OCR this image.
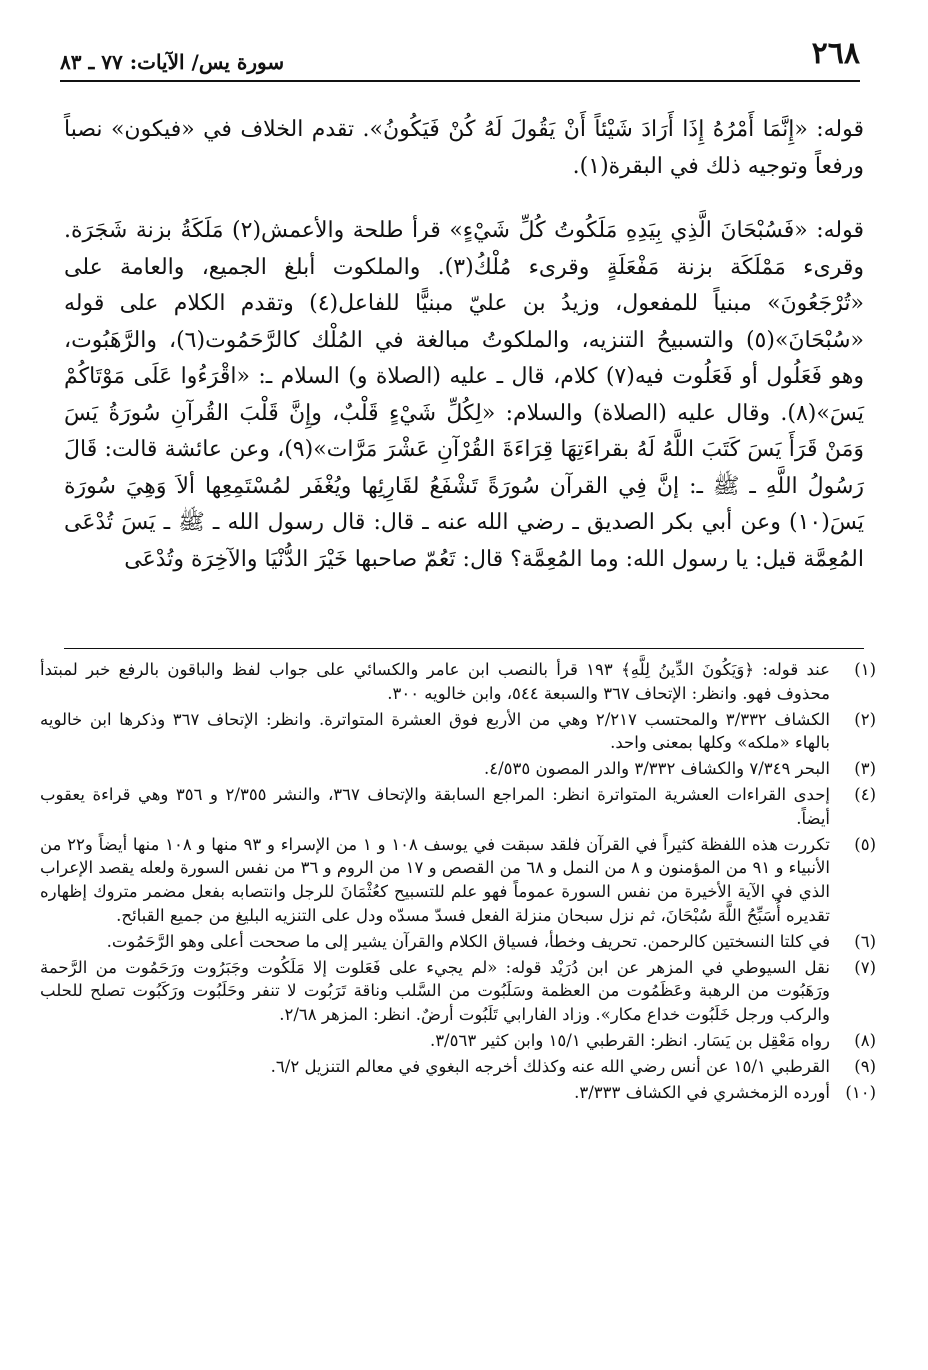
٢٦٨
سورة يس/ الآيات: ٧٧ ـ ٨٣

قوله: «إِنَّمَا أَمْرُهُ إِذَا أَرَادَ شَيْئاً أَنْ يَقُولَ لَهُ كُنْ فَيَكُونُ». تقدم الخلاف في «فيكون» نصباً ورفعاً وتوجيه ذلك في البقرة(١).

قوله: «فَسُبْحَانَ الَّذِي بِيَدِهِ مَلَكُوتُ كُلِّ شَيْءٍ» قرأ طلحة والأعمش(٢) مَلَكَةُ بزنة شَجَرَة. وقرىء مَمْلَكَة بزنة مَفْعَلَةٍ وقرىء مُلْكُ(٣). والملكوت أبلغ الجميع، والعامة على «تُرْجَعُونَ» مبنياً للمفعول، وزيدُ بن عليّ مبنيًّا للفاعل(٤) وتقدم الكلام على قوله «سُبْحَانَ»(٥) والتسبيحُ التنزيه، والملكوتُ مبالغة في المُلْك كالرَّحَمُوت(٦)، والرَّهَبُوت، وهو فَعَلُول أو فَعَلُوت فيه(٧) كلام، قال ـ عليه (الصلاة و) السلام ـ: «اقْرَءُوا عَلَى مَوْتَاكُمْ يَسَ»(٨). وقال عليه (الصلاة) والسلام: «لِكُلِّ شَيْءٍ قَلْبٌ، وإِنَّ قَلْبَ القُرآنِ سُورَةُ يَسَ وَمَنْ قَرَأَ يَسَ كَتَبَ اللَّهُ لَهُ بقراءَتِهَا قِرَاءَةَ القُرْآنِ عَشْرَ مَرَّات»(٩)، وعن عائشة قالت: قَالَ رَسُولُ اللَّهِ ـ ﷺ ـ: إنَّ فِي القرآن سُورَةً تَشْفَعُ لقَارِئِها ويُغْفَر لمُسْتَمِعِها ألاَ وَهِيَ سُورَة يَسَ(١٠) وعن أبي بكر الصديق ـ رضي الله عنه ـ قال: قال رسول الله ـ ﷺ ـ يَسَ تُدْعَى المُعِمَّة قيل: يا رسول الله: وما المُعِمَّة؟ قال: تَعُمّ صاحبها خَيْرَ الدُّنْيَا والآخِرَة وتُدْعَى

(١)
عند قوله: ﴿وَيَكُونَ الدِّينُ لِلَّهِ﴾ ١٩٣ قرأ بالنصب ابن عامر والكسائي على جواب لفظ والباقون بالرفع خبر لمبتدأ محذوف فهو. وانظر: الإتحاف ٣٦٧ والسبعة ٥٤٤، وابن خالويه ٣٠٠.
(٢)
الكشاف ٣/٣٣٢ والمحتسب ٢/٢١٧ وهي من الأربع فوق العشرة المتواترة. وانظر: الإتحاف ٣٦٧ وذكرها ابن خالويه بالهاء «ملكه» وكلها بمعنى واحد.
(٣)
البحر ٧/٣٤٩ والكشاف ٣/٣٣٢ والدر المصون ٤/٥٣٥.
(٤)
إحدى القراءات العشرية المتواترة انظر: المراجع السابقة والإتحاف ٣٦٧، والنشر ٢/٣٥٥ و ٣٥٦ وهي قراءة يعقوب أيضاً.
(٥)
تكررت هذه اللفظة كثيراً في القرآن فلقد سبقت في يوسف ١٠٨ و ١ من الإسراء و ٩٣ منها و ١٠٨ منها أيضاً و٢٢ من الأنبياء و ٩١ من المؤمنون و ٨ من النمل و ٦٨ من القصص و ١٧ من الروم و ٣٦ من نفس السورة ولعله يقصد الإعراب الذي في الآية الأخيرة من نفس السورة عموماً فهو علم للتسبيح كعُثْمَانَ للرجل وانتصابه بفعل مضمر متروك إظهاره تقديره أُسَبِّحُ اللَّهَ سُبْحَانَ، ثم نزل سبحان منزلة الفعل فسدّ مسدّه ودل على التنزيه البليغ من جميع القبائح.
(٦)
في كلتا النسختين كالرحمن. تحريف وخطأ، فسياق الكلام والقرآن يشير إلى ما صححت أعلى وهو الرَّحَمُوت.
(٧)
نقل السيوطي في المزهر عن ابن دُرَيْد قوله: «لم يجيء على فَعَلوت إلا مَلَكُوت وجَبَرُوت ورَحَمُوت من الرَّحمة ورَهَبُوت من الرهبة وعَظَمُوت من العظمة وسَلَبُوت من السَّلب وناقة تَرَبُوت لا تنفر وحَلَبُوت ورَكَبُوت تصلح للحلب والركب ورجل خَلَبُوت خداع مكار». وزاد الفارابي تَلَبُوت أرضٌ. انظر: المزهر ٢/٦٨.
(٨)
رواه مَعْقِل بن يَسَار. انظر: القرطبي ١٥/١ وابن كثير ٣/٥٦٣.
(٩)
القرطبي ١٥/١ عن أنس رضي الله عنه وكذلك أخرجه البغوي في معالم التنزيل ٦/٢.
(١٠)
أورده الزمخشري في الكشاف ٣/٣٣٣.
